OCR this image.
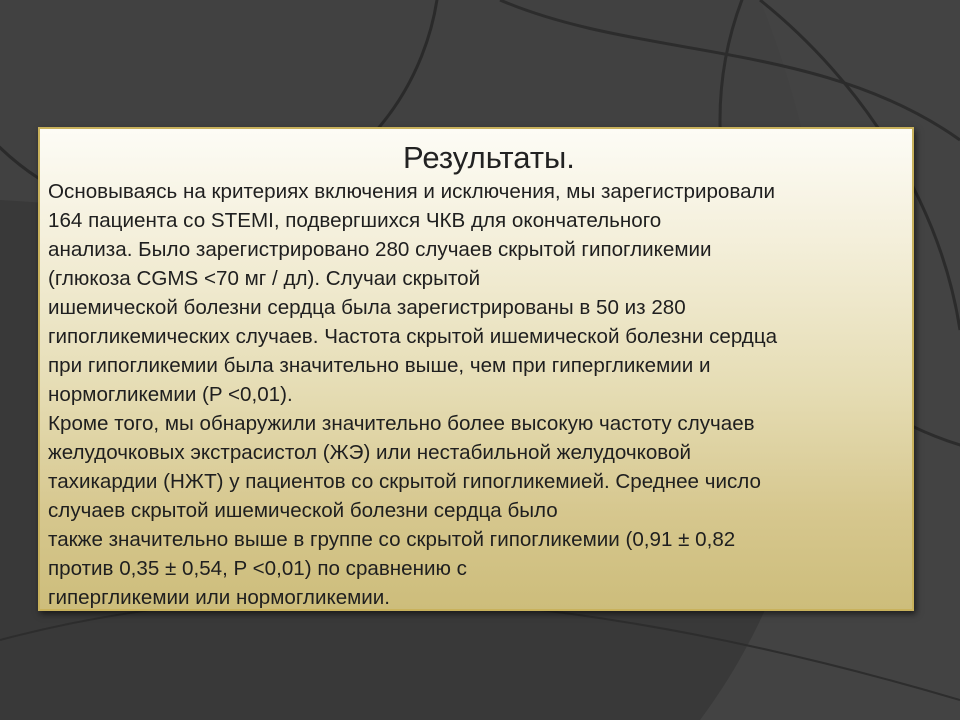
Результаты.

Основываясь на критериях включения и исключения, мы зарегистрировали
164 пациента со STEMI, подвергшихся ЧКВ для окончательного
анализа. Было зарегистрировано 280 случаев скрытой гипогликемии
(глюкоза CGMS <70 мг / дл). Случаи скрытой
ишемической болезни сердца была зарегистрированы в 50 из 280
гипогликемических случаев. Частота скрытой ишемической болезни сердца
при гипогликемии была значительно выше, чем при гипергликемии и
нормогликемии (P <0,01).

Кроме того, мы обнаружили значительно более высокую частоту случаев
желудочковых экстрасистол (ЖЭ) или нестабильной желудочковой
тахикардии (НЖТ) у пациентов со скрытой гипогликемией. Среднее число
случаев скрытой ишемической болезни сердца было
также значительно выше в группе со скрытой гипогликемии (0,91 ± 0,82
против 0,35 ± 0,54, P <0,01) по сравнению с
гипергликемии или нормогликемии.
